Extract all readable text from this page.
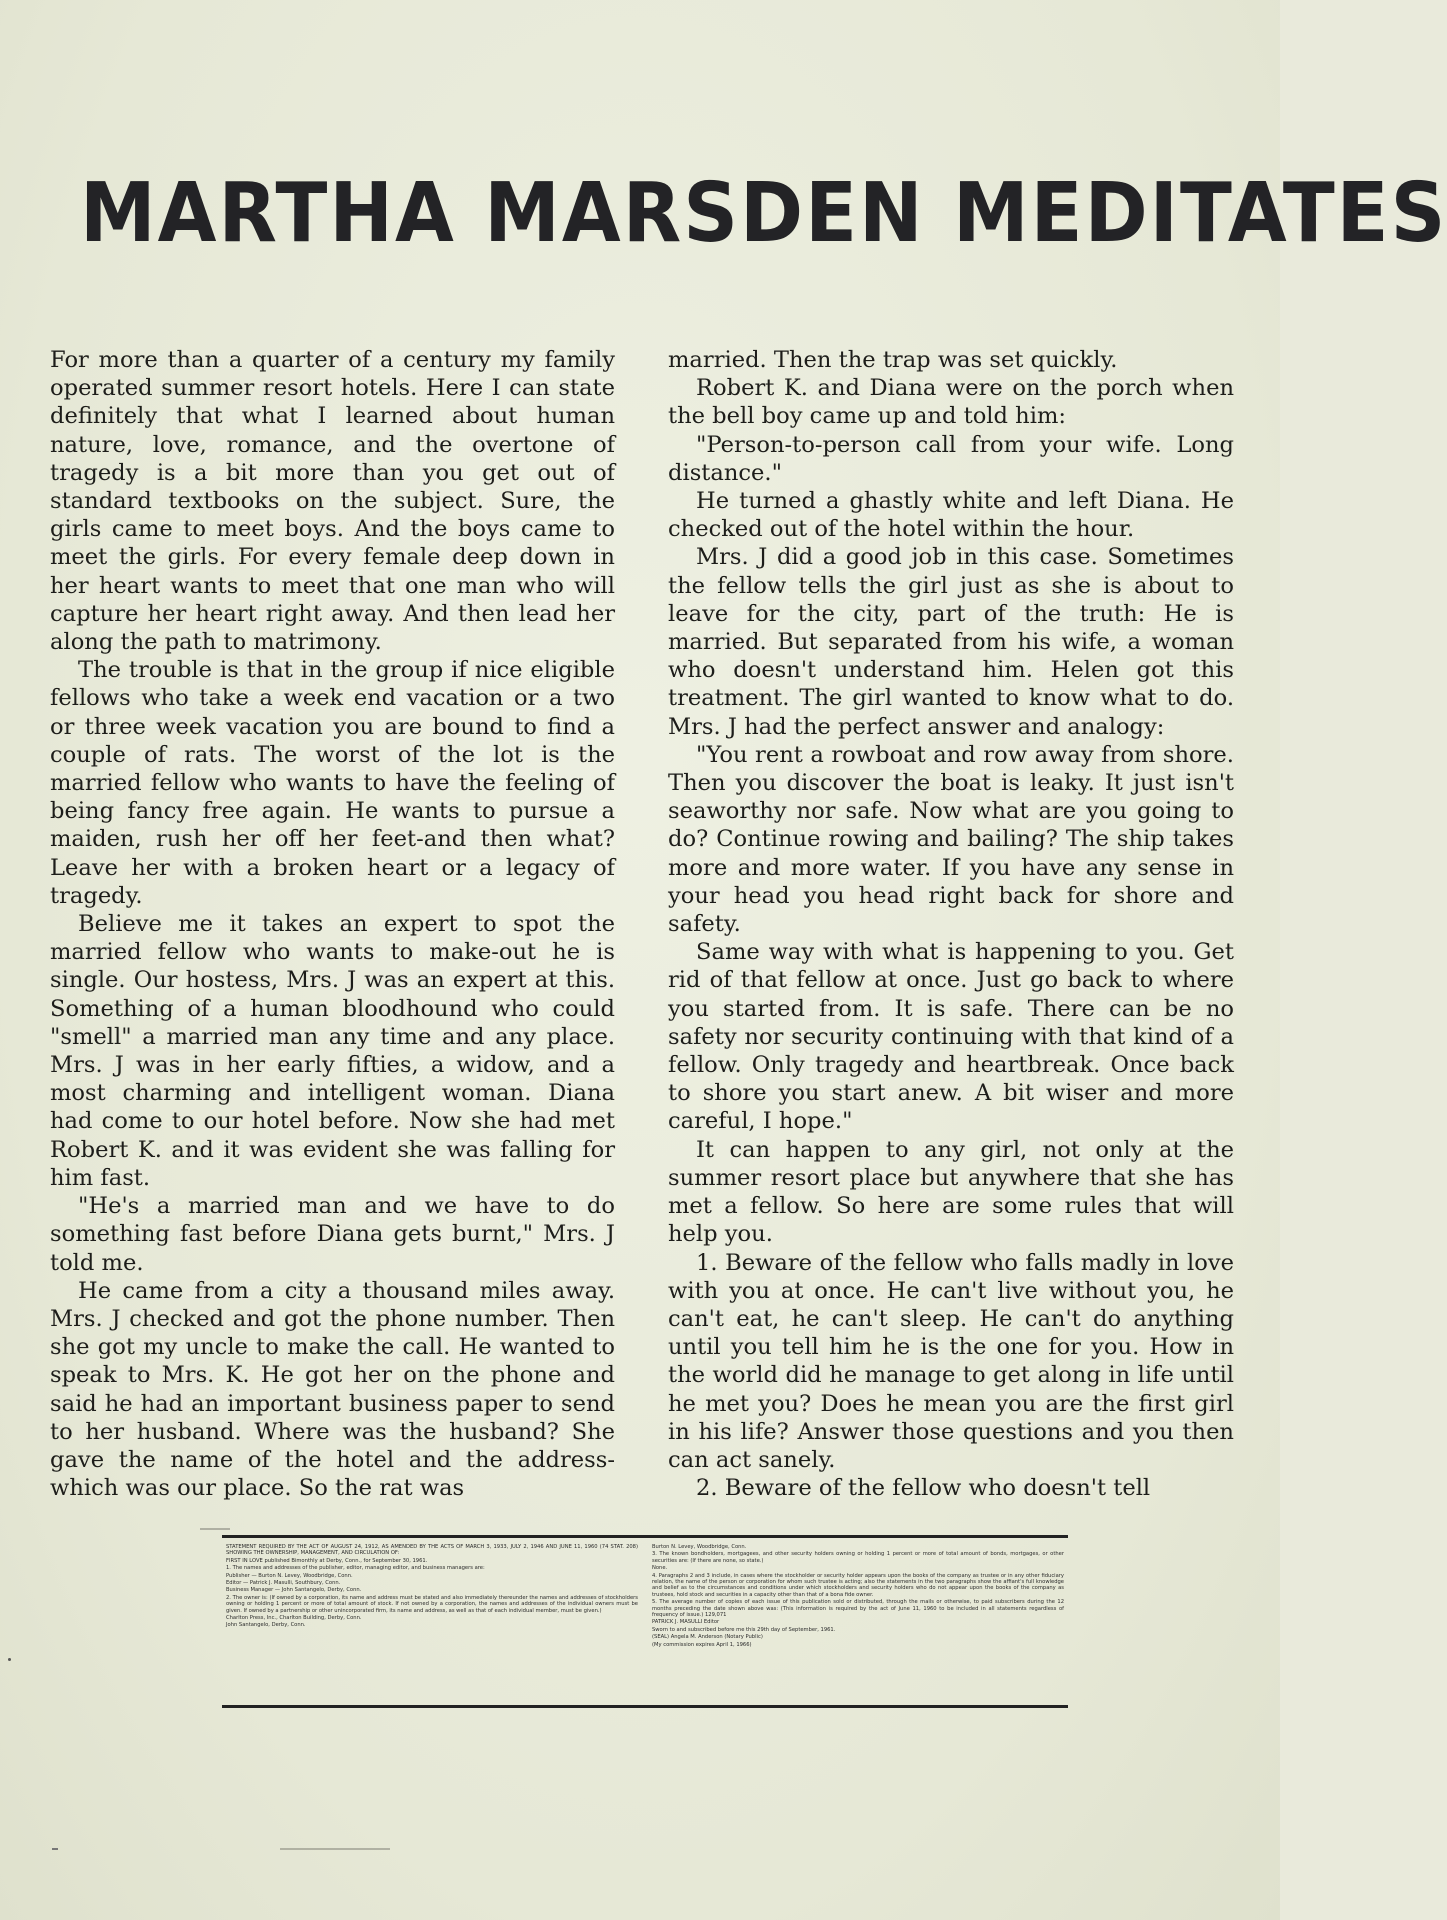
MARTHA MARSDEN MEDITATES

For more than a quarter of a century my family operated summer resort hotels. Here I can state definitely that what I learned about human nature, love, romance, and the overtone of tragedy is a bit more than you get out of standard textbooks on the subject. Sure, the girls came to meet boys. And the boys came to meet the girls. For every female deep down in her heart wants to meet that one man who will capture her heart right away. And then lead her along the path to matrimony.

The trouble is that in the group if nice eligible fellows who take a week end vacation or a two or three week vacation you are bound to find a couple of rats. The worst of the lot is the married fellow who wants to have the feeling of being fancy free again. He wants to pursue a maiden, rush her off her feet-and then what? Leave her with a broken heart or a legacy of tragedy.

Believe me it takes an expert to spot the married fellow who wants to make-out he is single. Our hostess, Mrs. J was an expert at this. Something of a human bloodhound who could "smell" a married man any time and any place. Mrs. J was in her early fifties, a widow, and a most charming and intelligent woman. Diana had come to our hotel before. Now she had met Robert K. and it was evident she was falling for him fast.

"He's a married man and we have to do something fast before Diana gets burnt," Mrs. J told me.

He came from a city a thousand miles away. Mrs. J checked and got the phone number. Then she got my uncle to make the call. He wanted to speak to Mrs. K. He got her on the phone and said he had an important business paper to send to her husband. Where was the husband? She gave the name of the hotel and the address-which was our place. So the rat was

married. Then the trap was set quickly.

Robert K. and Diana were on the porch when the bell boy came up and told him:

"Person-to-person call from your wife. Long distance."

He turned a ghastly white and left Diana. He checked out of the hotel within the hour.

Mrs. J did a good job in this case. Sometimes the fellow tells the girl just as she is about to leave for the city, part of the truth: He is married. But separated from his wife, a woman who doesn't understand him. Helen got this treatment. The girl wanted to know what to do. Mrs. J had the perfect answer and analogy:

"You rent a rowboat and row away from shore. Then you discover the boat is leaky. It just isn't seaworthy nor safe. Now what are you going to do? Continue rowing and bailing? The ship takes more and more water. If you have any sense in your head you head right back for shore and safety.

Same way with what is happening to you. Get rid of that fellow at once. Just go back to where you started from. It is safe. There can be no safety nor security continuing with that kind of a fellow. Only tragedy and heartbreak. Once back to shore you start anew. A bit wiser and more careful, I hope."

It can happen to any girl, not only at the summer resort place but anywhere that she has met a fellow. So here are some rules that will help you.

1. Beware of the fellow who falls madly in love with you at once. He can't live without you, he can't eat, he can't sleep. He can't do anything until you tell him he is the one for you. How in the world did he manage to get along in life until he met you? Does he mean you are the first girl in his life? Answer those questions and you then can act sanely.

2. Beware of the fellow who doesn't tell

STATEMENT REQUIRED BY THE ACT OF AUGUST 24, 1912, AS AMENDED BY THE ACTS OF MARCH 3, 1933, JULY 2, 1946 AND JUNE 11, 1960 (74 STAT. 208) SHOWING THE OWNERSHIP, MANAGEMENT, AND CIRCULATION OF:

FIRST IN LOVE published Bimonthly at Derby, Conn., for September 30, 1961.

1. The names and addresses of the publisher, editor, managing editor, and business managers are:

Publisher — Burton N. Levey, Woodbridge, Conn.

Editor — Patrick J. Masulli, Southbury, Conn.

Business Manager — John Santangelo, Derby, Conn.

2. The owner is: (If owned by a corporation, its name and address must be stated and also immediately thereunder the names and addresses of stockholders owning or holding 1 percent or more of total amount of stock. If not owned by a corporation, the names and addresses of the individual owners must be given. If owned by a partnership or other unincorporated firm, its name and address, as well as that of each individual member, must be given.)

Charlton Press, Inc., Charlton Building, Derby, Conn.

John Santangelo, Derby, Conn.

Burton N. Levey, Woodbridge, Conn.

3. The known bondholders, mortgagees, and other security holders owning or holding 1 percent or more of total amount of bonds, mortgages, or other securities are: (If there are none, so state.)

None.

4. Paragraphs 2 and 3 include, in cases where the stockholder or security holder appears upon the books of the company as trustee or in any other fiduciary relation, the name of the person or corporation for whom such trustee is acting; also the statements in the two paragraphs show the affiant's full knowledge and belief as to the circumstances and conditions under which stockholders and security holders who do not appear upon the books of the company as trustees, hold stock and securities in a capacity other than that of a bona fide owner.

5. The average number of copies of each issue of this publication sold or distributed, through the mails or otherwise, to paid subscribers during the 12 months preceding the date shown above was: (This information is required by the act of June 11, 1960 to be included in all statements regardless of frequency of issue.) 129,071

PATRICK J. MASULLI Editor

Sworn to and subscribed before me this 29th day of September, 1961.

(SEAL) Angela M. Anderson (Notary Public)

(My commission expires April 1, 1966)
